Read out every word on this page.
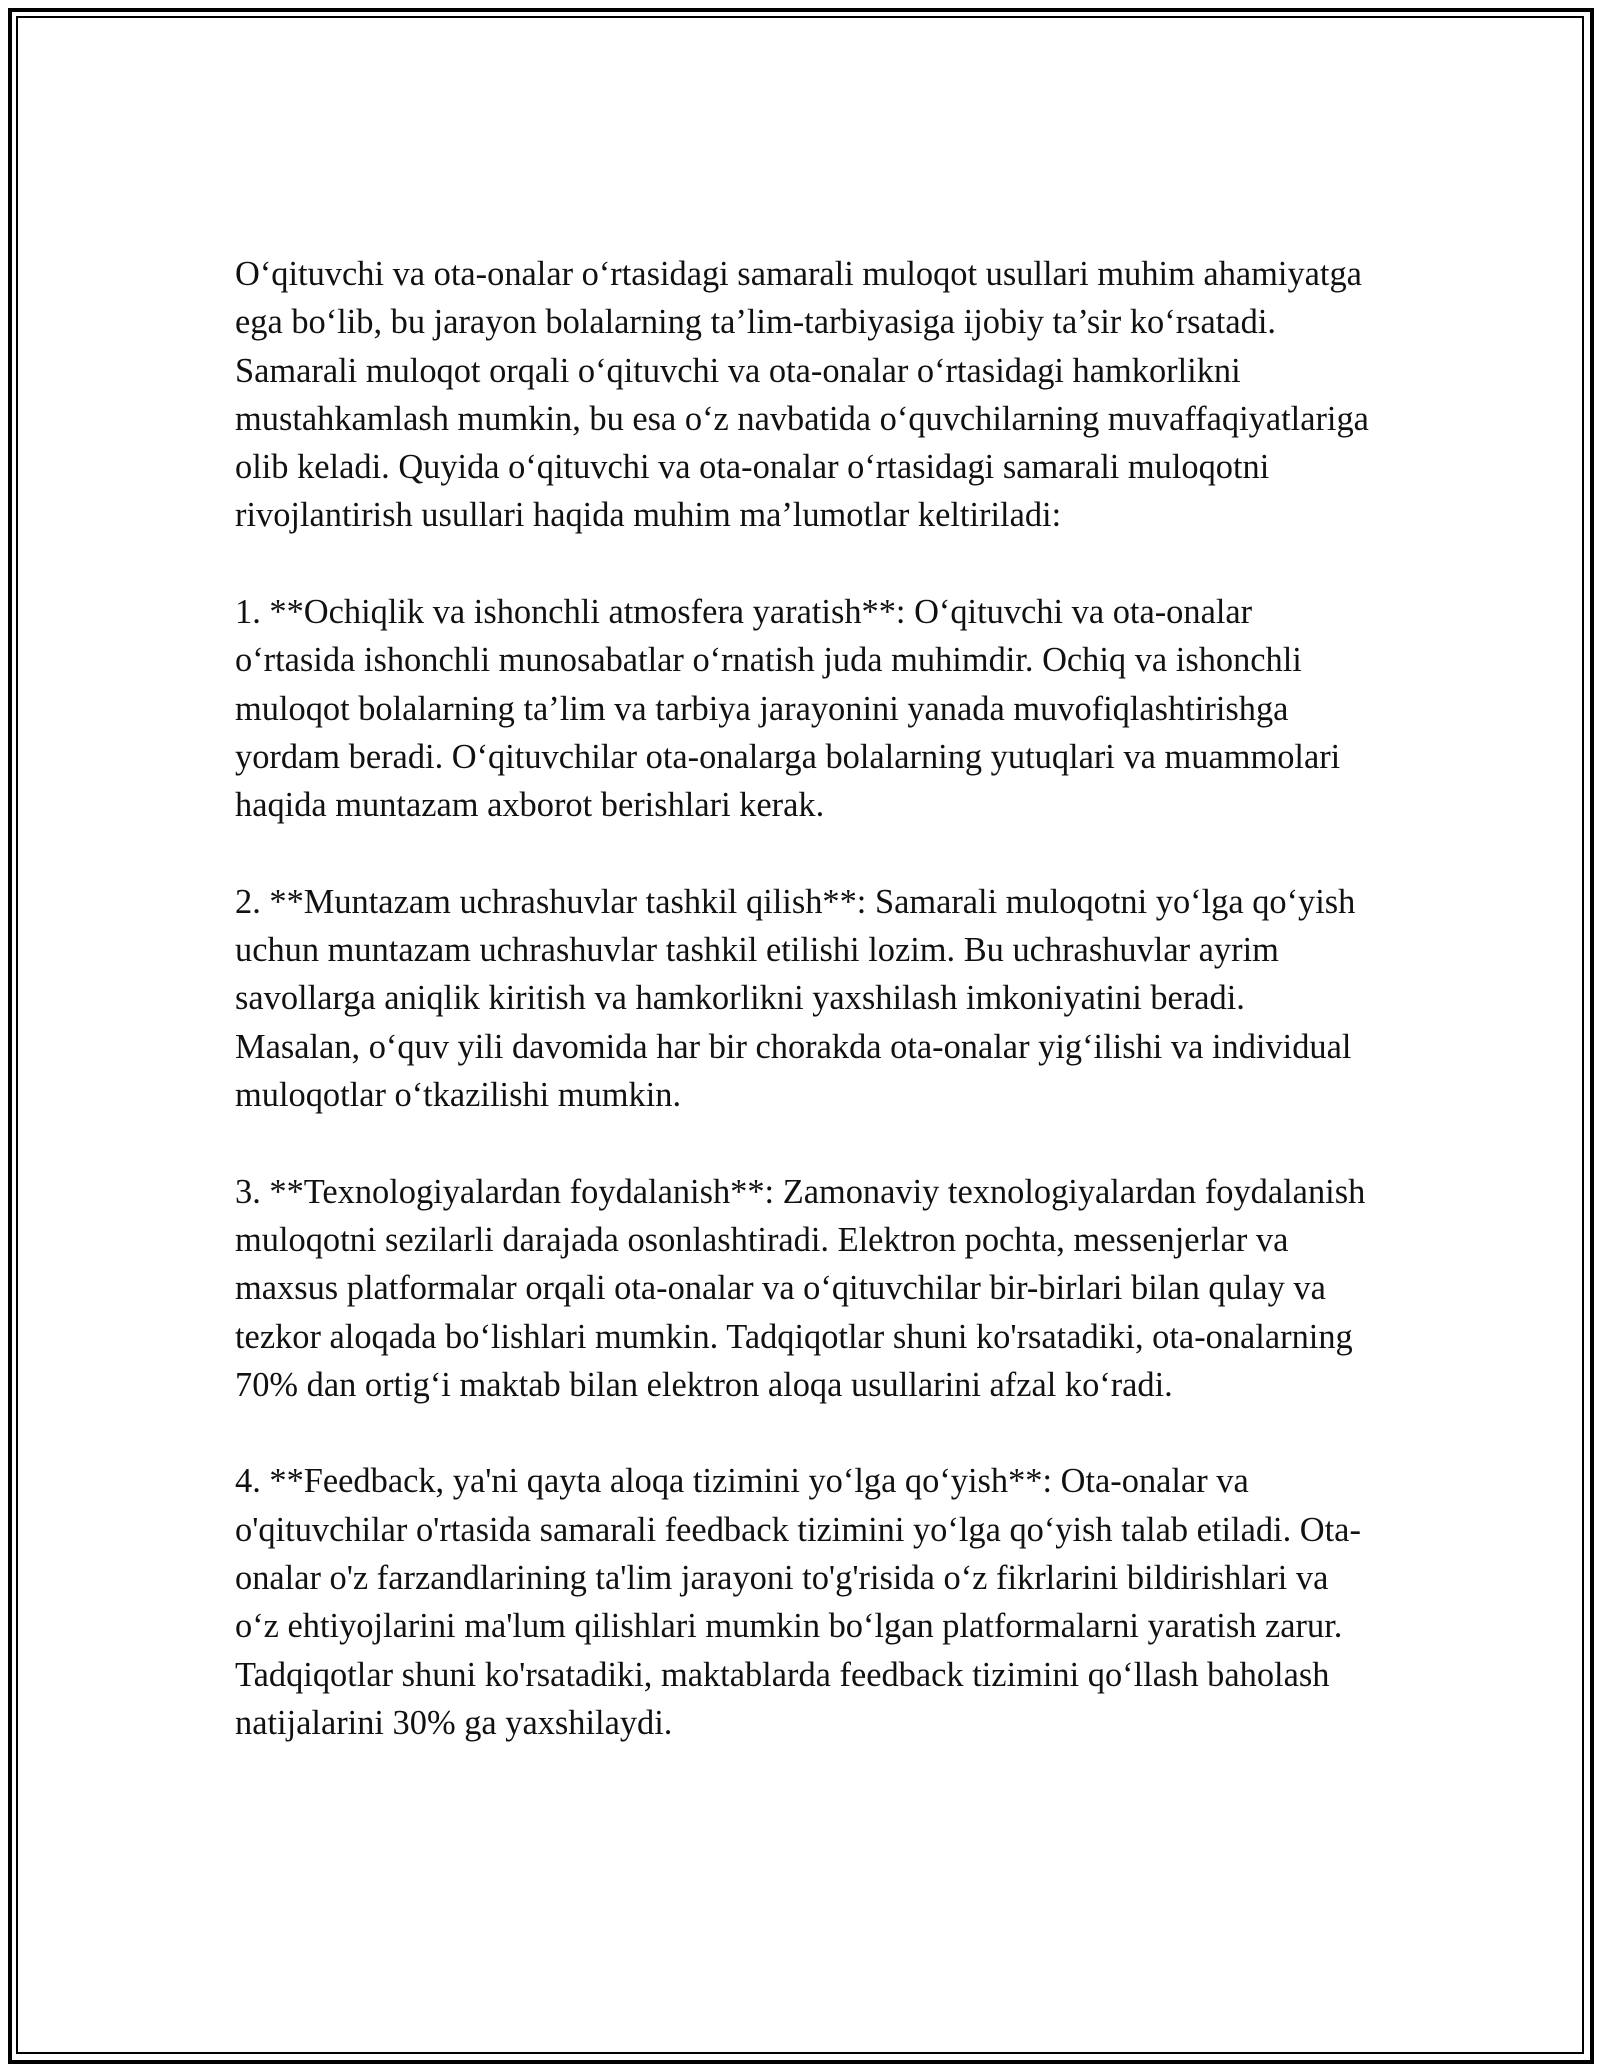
O‘qituvchi va ota-onalar o‘rtasidagi samarali muloqot usullari muhim ahamiyatga ega bo‘lib, bu jarayon bolalarning ta’lim-tarbiyasiga ijobiy ta’sir ko‘rsatadi. Samarali muloqot orqali o‘qituvchi va ota-onalar o‘rtasidagi hamkorlikni mustahkamlash mumkin, bu esa o‘z navbatida o‘quvchilarning muvaffaqiyatlariga olib keladi. Quyida o‘qituvchi va ota-onalar o‘rtasidagi samarali muloqotni rivojlantirish usullari haqida muhim ma’lumotlar keltiriladi:

1. **Ochiqlik va ishonchli atmosfera yaratish**: O‘qituvchi va ota-onalar o‘rtasida ishonchli munosabatlar o‘rnatish juda muhimdir. Ochiq va ishonchli muloqot bolalarning ta’lim va tarbiya jarayonini yanada muvofiqlashtirishga yordam beradi. O‘qituvchilar ota-onalarga bolalarning yutuqlari va muammolari haqida muntazam axborot berishlari kerak.

2. **Muntazam uchrashuvlar tashkil qilish**: Samarali muloqotni yo‘lga qo‘yish uchun muntazam uchrashuvlar tashkil etilishi lozim. Bu uchrashuvlar ayrim savollarga aniqlik kiritish va hamkorlikni yaxshilash imkoniyatini beradi. Masalan, o‘quv yili davomida har bir chorakda ota-onalar yig‘ilishi va individual muloqotlar o‘tkazilishi mumkin.

3. **Texnologiyalardan foydalanish**: Zamonaviy texnologiyalardan foydalanish muloqotni sezilarli darajada osonlashtiradi. Elektron pochta, messenjerlar va maxsus platformalar orqali ota-onalar va o‘qituvchilar bir-birlari bilan qulay va tezkor aloqada bo‘lishlari mumkin. Tadqiqotlar shuni ko'rsatadiki, ota-onalarning 70% dan ortig‘i maktab bilan elektron aloqa usullarini afzal ko‘radi.

4. **Feedback, ya'ni qayta aloqa tizimini yo‘lga qo‘yish**: Ota-onalar va o'qituvchilar o'rtasida samarali feedback tizimini yo‘lga qo‘yish talab etiladi. Ota-onalar o'z farzandlarining ta'lim jarayoni to'g'risida o‘z fikrlarini bildirishlari va o‘z ehtiyojlarini ma'lum qilishlari mumkin bo‘lgan platformalarni yaratish zarur. Tadqiqotlar shuni ko'rsatadiki, maktablarda feedback tizimini qo‘llash baholash natijalarini 30% ga yaxshilaydi.
